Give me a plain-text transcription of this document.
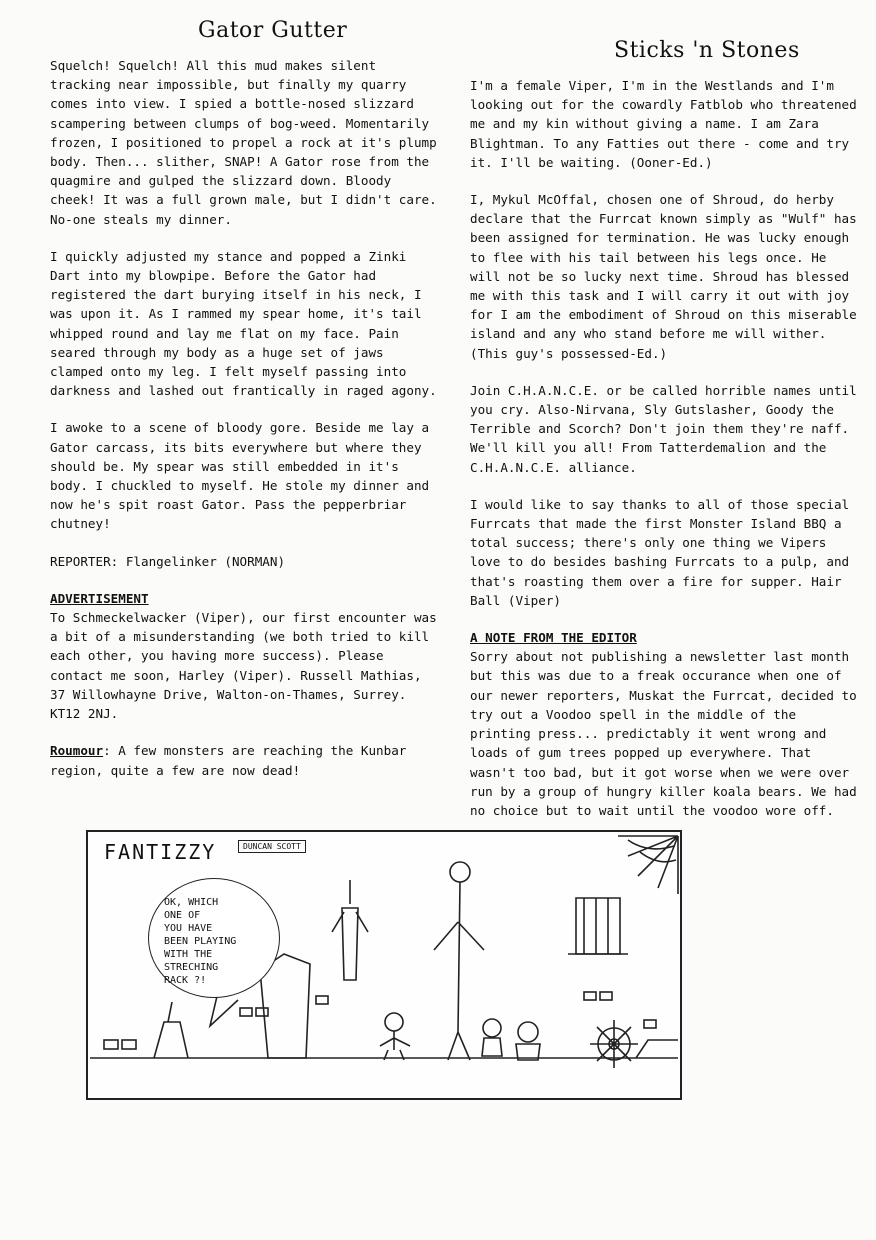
Gator Gutter
Sticks 'n Stones

Squelch! Squelch! All this mud makes silent tracking near impossible, but finally my quarry comes into view. I spied a bottle-nosed slizzard scampering between clumps of bog-weed. Momentarily frozen, I positioned to propel a rock at it's plump body. Then... slither, SNAP! A Gator rose from the quagmire and gulped the slizzard down. Bloody cheek! It was a full grown male, but I didn't care. No-one steals my dinner.

I quickly adjusted my stance and popped a Zinki Dart into my blowpipe. Before the Gator had registered the dart burying itself in his neck, I was upon it. As I rammed my spear home, it's tail whipped round and lay me flat on my face. Pain seared through my body as a huge set of jaws clamped onto my leg. I felt myself passing into darkness and lashed out frantically in raged agony.

I awoke to a scene of bloody gore. Beside me lay a Gator carcass, its bits everywhere but where they should be. My spear was still embedded in it's body. I chuckled to myself. He stole my dinner and now he's spit roast Gator. Pass the pepperbriar chutney!

REPORTER: Flangelinker (NORMAN)

ADVERTISEMENT

To Schmeckelwacker (Viper), our first encounter was a bit of a misunderstanding (we both tried to kill each other, you having more success). Please contact me soon, Harley (Viper). Russell Mathias, 37 Willowhayne Drive, Walton-on-Thames, Surrey. KT12 2NJ.

Roumour: A few monsters are reaching the Kunbar region, quite a few are now dead!

I'm a female Viper, I'm in the Westlands and I'm looking out for the cowardly Fatblob who threatened me and my kin without giving a name. I am Zara Blightman. To any Fatties out there - come and try it. I'll be waiting. (Ooner-Ed.)

I, Mykul McOffal, chosen one of Shroud, do herby declare that the Furrcat known simply as "Wulf" has been assigned for termination. He was lucky enough to flee with his tail between his legs once. He will not be so lucky next time. Shroud has blessed me with this task and I will carry it out with joy for I am the embodiment of Shroud on this miserable island and any who stand before me will wither. (This guy's possessed-Ed.)

Join C.H.A.N.C.E. or be called horrible names until you cry. Also-Nirvana, Sly Gutslasher, Goody the Terrible and Scorch? Don't join them they're naff. We'll kill you all! From Tatterdemalion and the C.H.A.N.C.E. alliance.

I would like to say thanks to all of those special Furrcats that made the first Monster Island BBQ a total success; there's only one thing we Vipers love to do besides bashing Furrcats to a pulp, and that's roasting them over a fire for supper. Hair Ball (Viper)

A NOTE FROM THE EDITOR

Sorry about not publishing a newsletter last month but this was due to a freak occurance when one of our newer reporters, Muskat the Furrcat, decided to try out a Voodoo spell in the middle of the printing press... predictably it went wrong and loads of gum trees popped up everywhere. That wasn't too bad, but it got worse when we were over run by a group of hungry killer koala bears. We had no choice but to wait until the voodoo wore off.

FANTIZZY	DUNCAN SCOTT
OK, WHICH
ONE OF
YOU HAVE
BEEN PLAYING
WITH THE
STRECHING
RACK ?!
